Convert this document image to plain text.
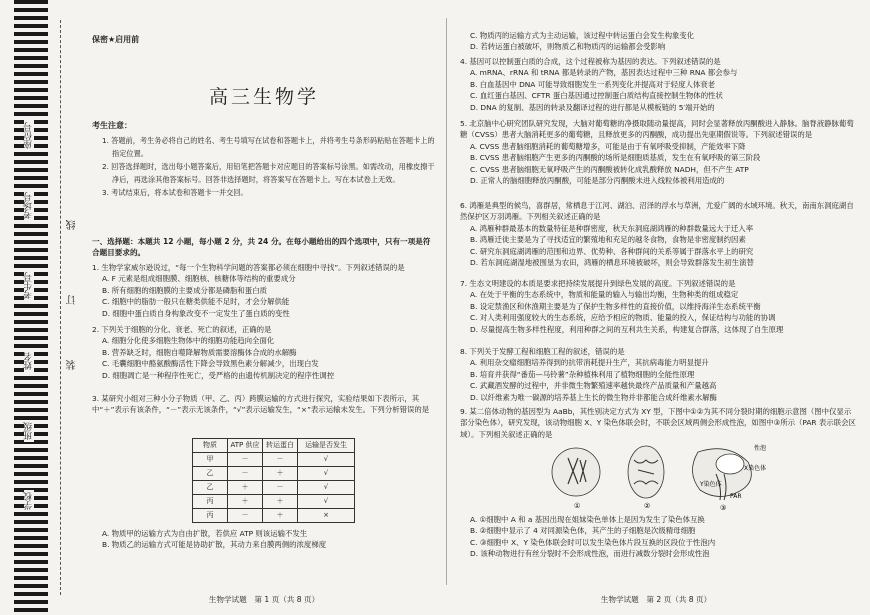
座位号
考场号
考生号
姓名
班级
学校
线
订
装
保密★启用前
高三生物学
考生注意：

1. 答题前，考生务必将自己的姓名、考生号填写在试卷和答题卡上，并将考生号条形码粘贴在答题卡上的指定位置。

2. 回答选择题时，选出每小题答案后，用铅笔把答题卡对应题目的答案标号涂黑。如需改动，用橡皮擦干净后，再选涂其他答案标号。回答非选择题时，将答案写在答题卡上。写在本试卷上无效。

3. 考试结束后，将本试卷和答题卡一并交回。

一、选择题：本题共 12 小题，每小题 2 分，共 24 分。在每小题给出的四个选项中，只有一项是符合题目要求的。

1. 生物学家威尔逊说过，“每一个生物科学问题的答案都必须在细胞中寻找”。下列叙述错误的是

A. F 元素是组成细胞膜、细胞核、核糖体等结构的重要成分

B. 所有细胞的细胞膜的主要成分都是磷脂和蛋白质

C. 细胞中的脂肪一般只在糖类供能不足时，才会分解供能

D. 细胞中蛋白质自身构象改变不一定发生了蛋白质的变性

2. 下列关于细胞的分化、衰老、死亡的叙述，正确的是

A. 细胞分化使多细胞生物体中的细胞功能趋向全面化

B. 营养缺乏时，细胞自噬降解物质需要溶酶体合成的水解酶

C. 毛囊细胞中酪氨酸酶活性下降会导致黑色素分解减少，出现白发

D. 细胞凋亡是一种程序性死亡，受严格的由遗传机制决定的程序性调控

3. 某研究小组对三种小分子物质（甲、乙、丙）跨膜运输的方式进行探究，实验结果如下表所示，其中“＋”表示有该条件，“－”表示无该条件，“√”表示运输发生，“×”表示运输未发生。下列分析错误的是

物质	ATP 供应	转运蛋白	运输是否发生
甲	－	－	√
乙	－	＋	√
乙	＋	－	√
丙	＋	＋	√
丙	－	＋	×

A. 物质甲的运输方式为自由扩散，若供应 ATP 则该运输不发生

B. 物质乙的运输方式可能是协助扩散，其动力来自膜两侧的浓度梯度

生物学试题　第 1 页（共 8 页）

C. 物质丙的运输方式为主动运输，该过程中转运蛋白会发生构象变化

D. 若转运蛋白被破坏，则物质乙和物质丙的运输都会受影响

4. 基因可以控制蛋白质的合成，这个过程被称为基因的表达。下列叙述错误的是

A. mRNA、rRNA 和 tRNA 都是转录的产物，基因表达过程中三种 RNA 都会参与

B. 白血基因中 DNA 可能导致细胞发生一系列变化并提高对于轻度人体衰老

C. 血红蛋白基因、CFTR 蛋白基因通过控制蛋白质结构直接控制生物体的性状

D. DNA 的复制、基因的转录及翻译过程的进行都是从模板链的 5′端开始的

5. 北京脑中心研究团队研究发现，大脑对葡萄糖的净摄取随动量提高，同时会显著释放丙酮酸进入静脉。脑脊液静脉葡萄糖（CVSS）患者大脑消耗更多的葡萄糖，且释放更多的丙酮酸，成功提出先驱期假说等。下列叙述错误的是

A. CVSS 患者脑细胞消耗的葡萄糖增多，可能是由于有氧呼吸受抑制，产能效率下降

B. CVSS 患者脑细胞产生更多的丙酮酸的场所是细胞质基质，发生在有氧呼吸的第三阶段

C. CVSS 患者脑细胞无氧呼吸产生的丙酮酸被转化成乳酸释放 NADH，但不产生 ATP

D. 正常人的脑细胞释放丙酮酸，可能是部分丙酮酸未进入线粒体被利用造成的

6. 鸿雁是典型的候鸟，喜群居，常栖息于江河、湖泊、沼泽的浮水与草洲，尤爱广阔的水域环境。秋天，南南东洞庭湖自然保护区万羽鸿雁。下列相关叙述正确的是

A. 鸿雁种群最基本的数量特征是种群密度，秋天东洞庭湖鸿雁的种群数量远大于迁入率

B. 鸿雁迁徙主要是为了寻找适宜的繁殖地和充足的越冬食物，食物是非密度制约因素

C. 研究东洞庭湖鸿雁的范围和边界、优势种、各种群间的关系等属于群落水平上的研究

D. 若东洞庭湖湿地被围垦为农田，鸿雁的栖息环境被破坏，则会导致群落发生初生演替

7. 生态文明建设的本质是要求把持续发展提升到绿色发展的高度。下列叙述错误的是

A. 在处于平衡的生态系统中，物质和能量的输入与输出均衡，生物种类的组成稳定

B. 设定禁渔区和休渔期主要是为了保护生物多样性的直接价值，以维持海洋生态系统平衡

C. 对人类利用强度较大的生态系统，应给予相应的物质、能量的投入，保证结构与功能的协调

D. 尽量提高生物多样性程度，利用种群之间的互利共生关系，构建复合群落，这体现了自生原理

8. 下列关于发酵工程和细胞工程的叙述，错误的是

A. 利用杂交瘤细胞培养得到的抗带消耗提升生产，其抗病毒能力明显提升

B. 培育并获得“番茄—马铃薯”杂种植株利用了植物细胞的全能性原理

C. 武藏酒发酵的过程中，并非微生物繁殖速率越快最终产品质量和产量越高

D. 以纤维素为唯一碳源的培养基上生长的微生物并非都能合成纤维素水解酶

9. 某二倍体动物的基因型为 AaBb，其性别决定方式为 XY 型，下图中①②为其不同分裂时期的细胞示意图（图中仅显示部分染色体），研究发现，该动物细胞 X、Y 染色体联会时，不联会区域两侧会形成性泡，如图中③所示（PAR 表示联会区域）。下列相关叙述正确的是

①	②	③
性泡
X染色体
Y染色体
PAR

A. ①细胞中 A 和 a 基因出现在姐妹染色单体上是因为发生了染色体互换

B. ②细胞中显示了 4 对同源染色体，其产生的子细胞是次级精母细胞

C. ③细胞中 X、Y 染色体联会时可以发生染色体片段互换的区段位于性泡内

D. 该种动物进行有丝分裂时不会形成性泡，而进行减数分裂时会形成性泡

生物学试题　第 2 页（共 8 页）
